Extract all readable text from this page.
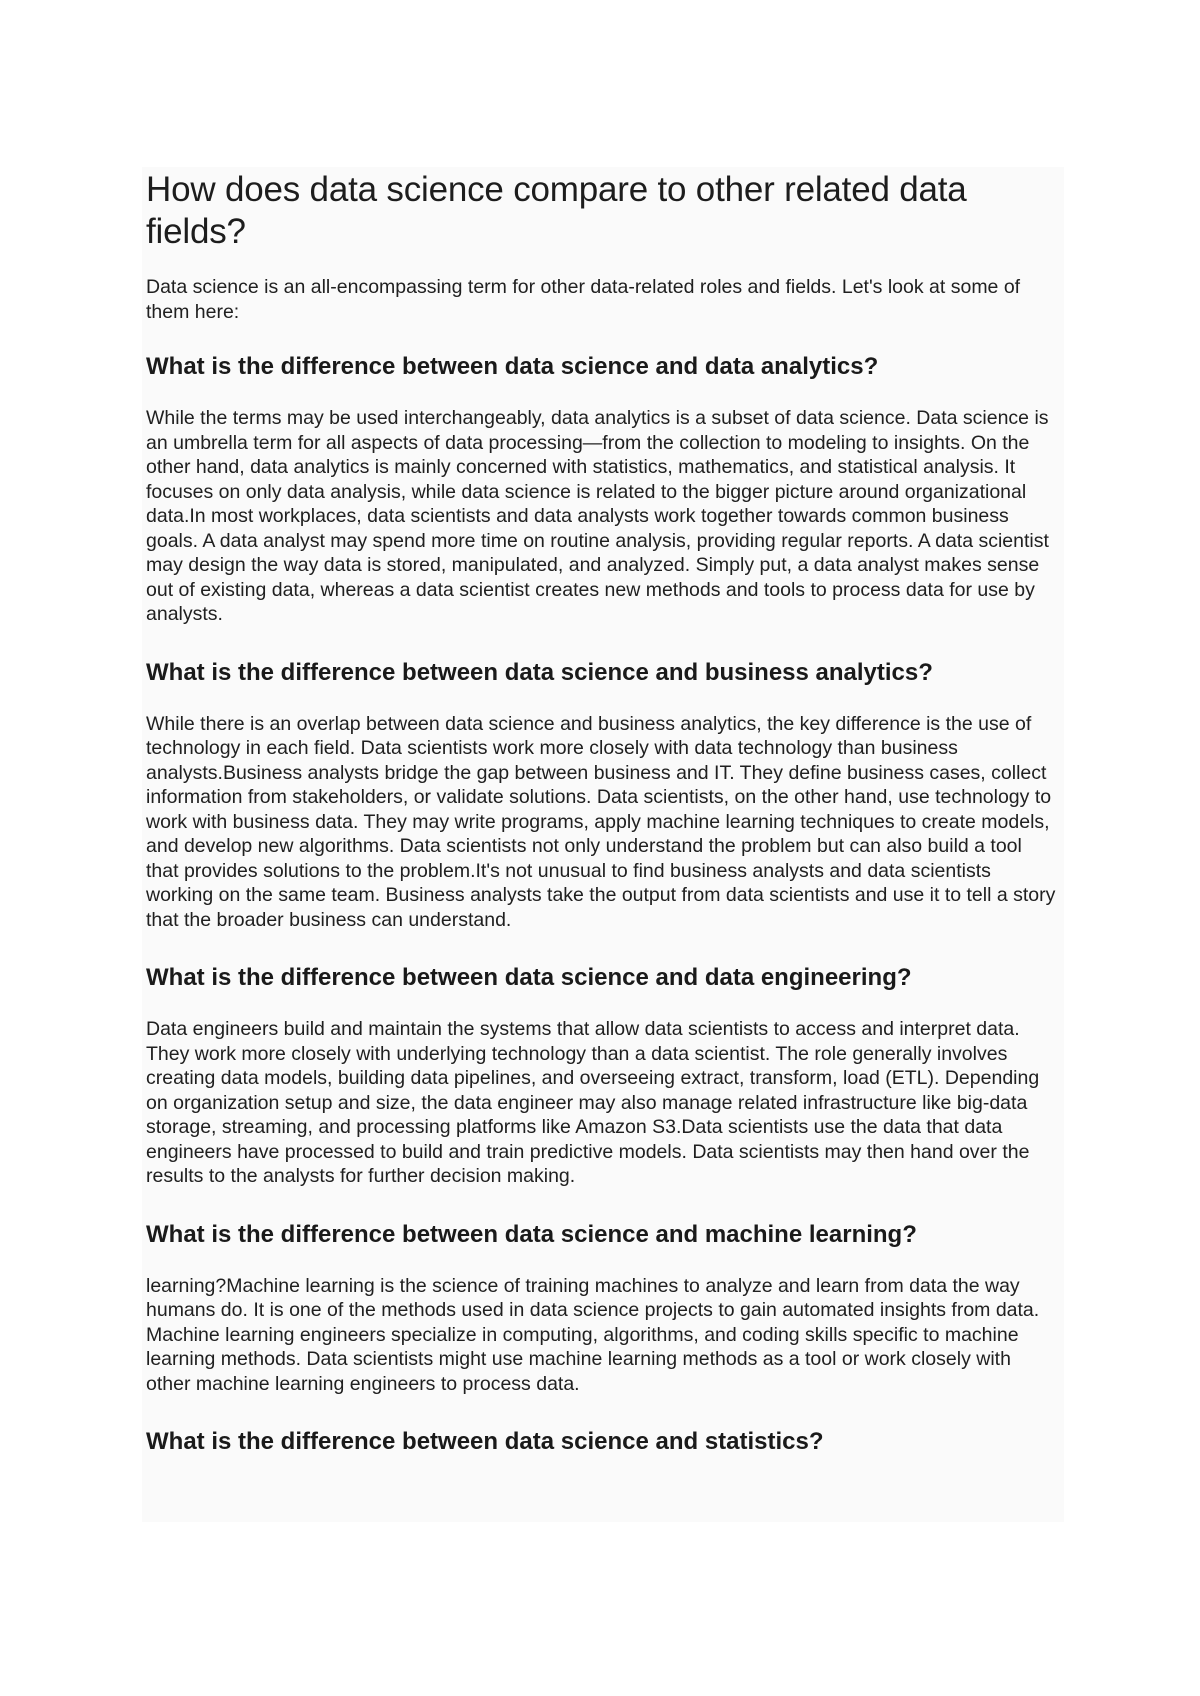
How does data science compare to other related data fields?

Data science is an all-encompassing term for other data-related roles and fields. Let's look at some of them here:

What is the difference between data science and data analytics?

While the terms may be used interchangeably, data analytics is a subset of data science. Data science is an umbrella term for all aspects of data processing—from the collection to modeling to insights. On the other hand, data analytics is mainly concerned with statistics, mathematics, and statistical analysis. It focuses on only data analysis, while data science is related to the bigger picture around organizational data.In most workplaces, data scientists and data analysts work together towards common business goals. A data analyst may spend more time on routine analysis, providing regular reports. A data scientist may design the way data is stored, manipulated, and analyzed. Simply put, a data analyst makes sense out of existing data, whereas a data scientist creates new methods and tools to process data for use by analysts.

What is the difference between data science and business analytics?

While there is an overlap between data science and business analytics, the key difference is the use of technology in each field. Data scientists work more closely with data technology than business analysts.Business analysts bridge the gap between business and IT. They define business cases, collect information from stakeholders, or validate solutions. Data scientists, on the other hand, use technology to work with business data. They may write programs, apply machine learning techniques to create models, and develop new algorithms. Data scientists not only understand the problem but can also build a tool that provides solutions to the problem.It's not unusual to find business analysts and data scientists working on the same team. Business analysts take the output from data scientists and use it to tell a story that the broader business can understand.

What is the difference between data science and data engineering?

Data engineers build and maintain the systems that allow data scientists to access and interpret data. They work more closely with underlying technology than a data scientist. The role generally involves creating data models, building data pipelines, and overseeing extract, transform, load (ETL). Depending on organization setup and size, the data engineer may also manage related infrastructure like big-data storage, streaming, and processing platforms like Amazon S3.Data scientists use the data that data engineers have processed to build and train predictive models. Data scientists may then hand over the results to the analysts for further decision making.

What is the difference between data science and machine learning?

learning?Machine learning is the science of training machines to analyze and learn from data the way humans do. It is one of the methods used in data science projects to gain automated insights from data. Machine learning engineers specialize in computing, algorithms, and coding skills specific to machine learning methods. Data scientists might use machine learning methods as a tool or work closely with other machine learning engineers to process data.

What is the difference between data science and statistics?
